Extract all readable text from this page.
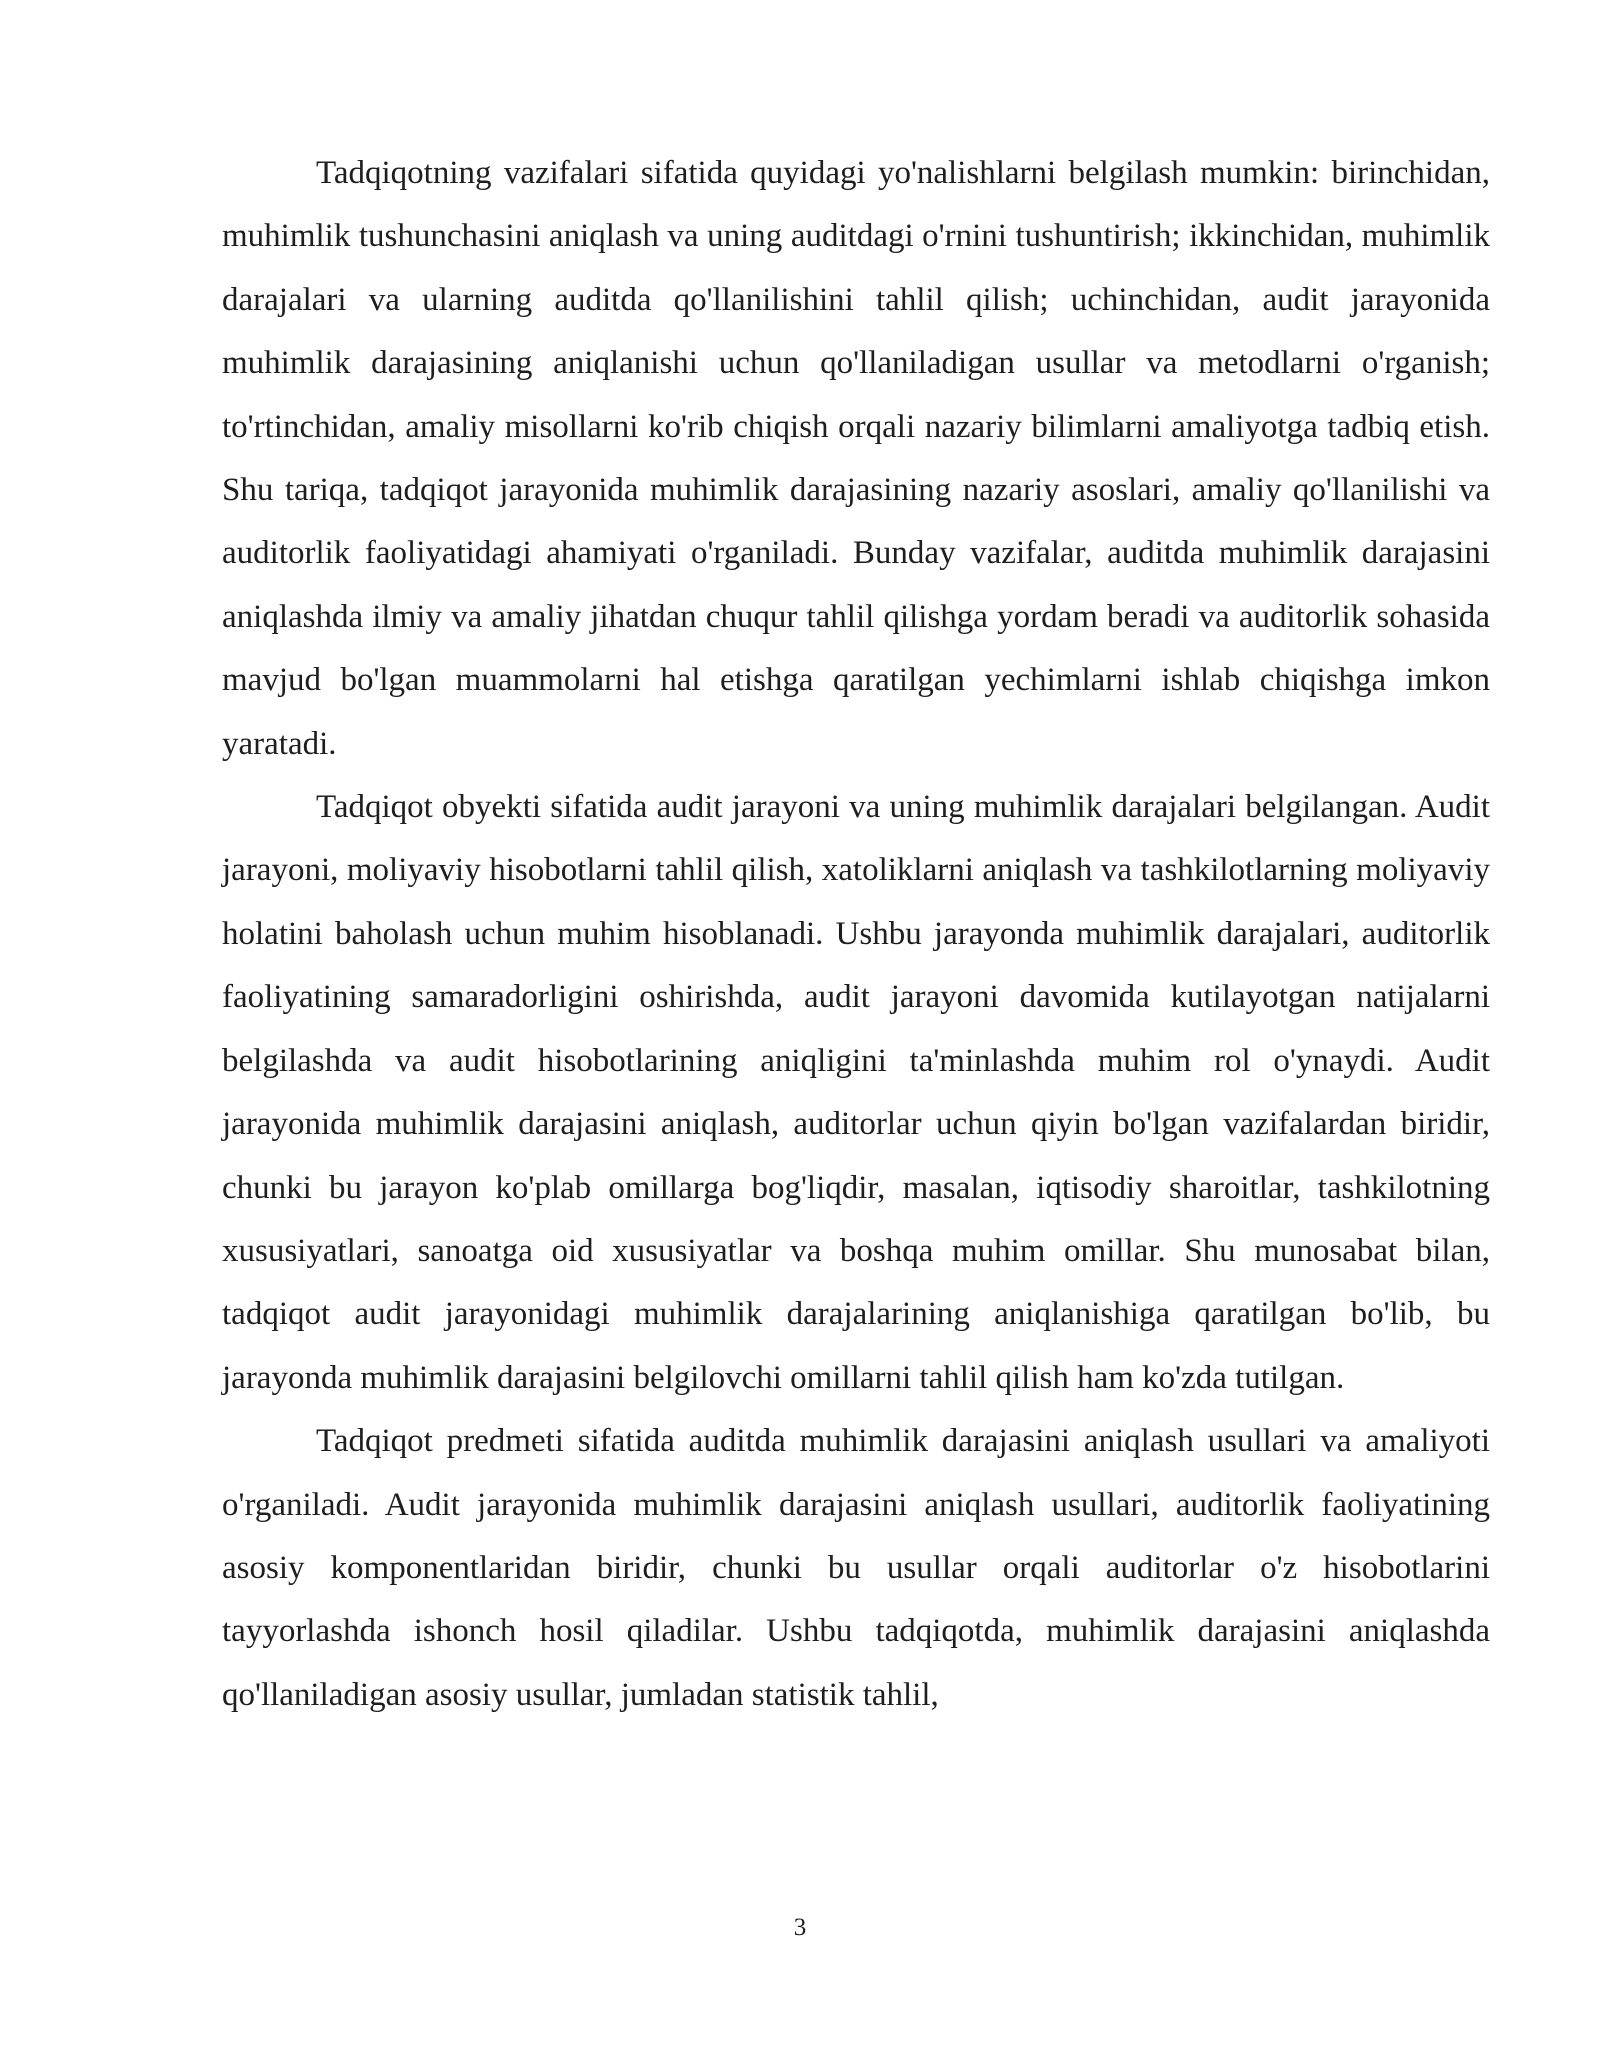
Tadqiqotning vazifalari sifatida quyidagi yo'nalishlarni belgilash mumkin: birinchidan, muhimlik tushunchasini aniqlash va uning auditdagi o'rnini tushuntirish; ikkinchidan, muhimlik darajalari va ularning auditda qo'llanilishini tahlil qilish; uchinchidan, audit jarayonida muhimlik darajasining aniqlanishi uchun qo'llaniladigan usullar va metodlarni o'rganish; to'rtinchidan, amaliy misollarni ko'rib chiqish orqali nazariy bilimlarni amaliyotga tadbiq etish. Shu tariqa, tadqiqot jarayonida muhimlik darajasining nazariy asoslari, amaliy qo'llanilishi va auditorlik faoliyatidagi ahamiyati o'rganiladi. Bunday vazifalar, auditda muhimlik darajasini aniqlashda ilmiy va amaliy jihatdan chuqur tahlil qilishga yordam beradi va auditorlik sohasida mavjud bo'lgan muammolarni hal etishga qaratilgan yechimlarni ishlab chiqishga imkon yaratadi.

Tadqiqot obyekti sifatida audit jarayoni va uning muhimlik darajalari belgilangan. Audit jarayoni, moliyaviy hisobotlarni tahlil qilish, xatoliklarni aniqlash va tashkilotlarning moliyaviy holatini baholash uchun muhim hisoblanadi. Ushbu jarayonda muhimlik darajalari, auditorlik faoliyatining samaradorligini oshirishda, audit jarayoni davomida kutilayotgan natijalarni belgilashda va audit hisobotlarining aniqligini ta'minlashda muhim rol o'ynaydi. Audit jarayonida muhimlik darajasini aniqlash, auditorlar uchun qiyin bo'lgan vazifalardan biridir, chunki bu jarayon ko'plab omillarga bog'liqdir, masalan, iqtisodiy sharoitlar, tashkilotning xususiyatlari, sanoatga oid xususiyatlar va boshqa muhim omillar. Shu munosabat bilan, tadqiqot audit jarayonidagi muhimlik darajalarining aniqlanishiga qaratilgan bo'lib, bu jarayonda muhimlik darajasini belgilovchi omillarni tahlil qilish ham ko'zda tutilgan.

Tadqiqot predmeti sifatida auditda muhimlik darajasini aniqlash usullari va amaliyoti o'rganiladi. Audit jarayonida muhimlik darajasini aniqlash usullari, auditorlik faoliyatining asosiy komponentlaridan biridir, chunki bu usullar orqali auditorlar o'z hisobotlarini tayyorlashda ishonch hosil qiladilar. Ushbu tadqiqotda, muhimlik darajasini aniqlashda qo'llaniladigan asosiy usullar, jumladan statistik tahlil,

3
